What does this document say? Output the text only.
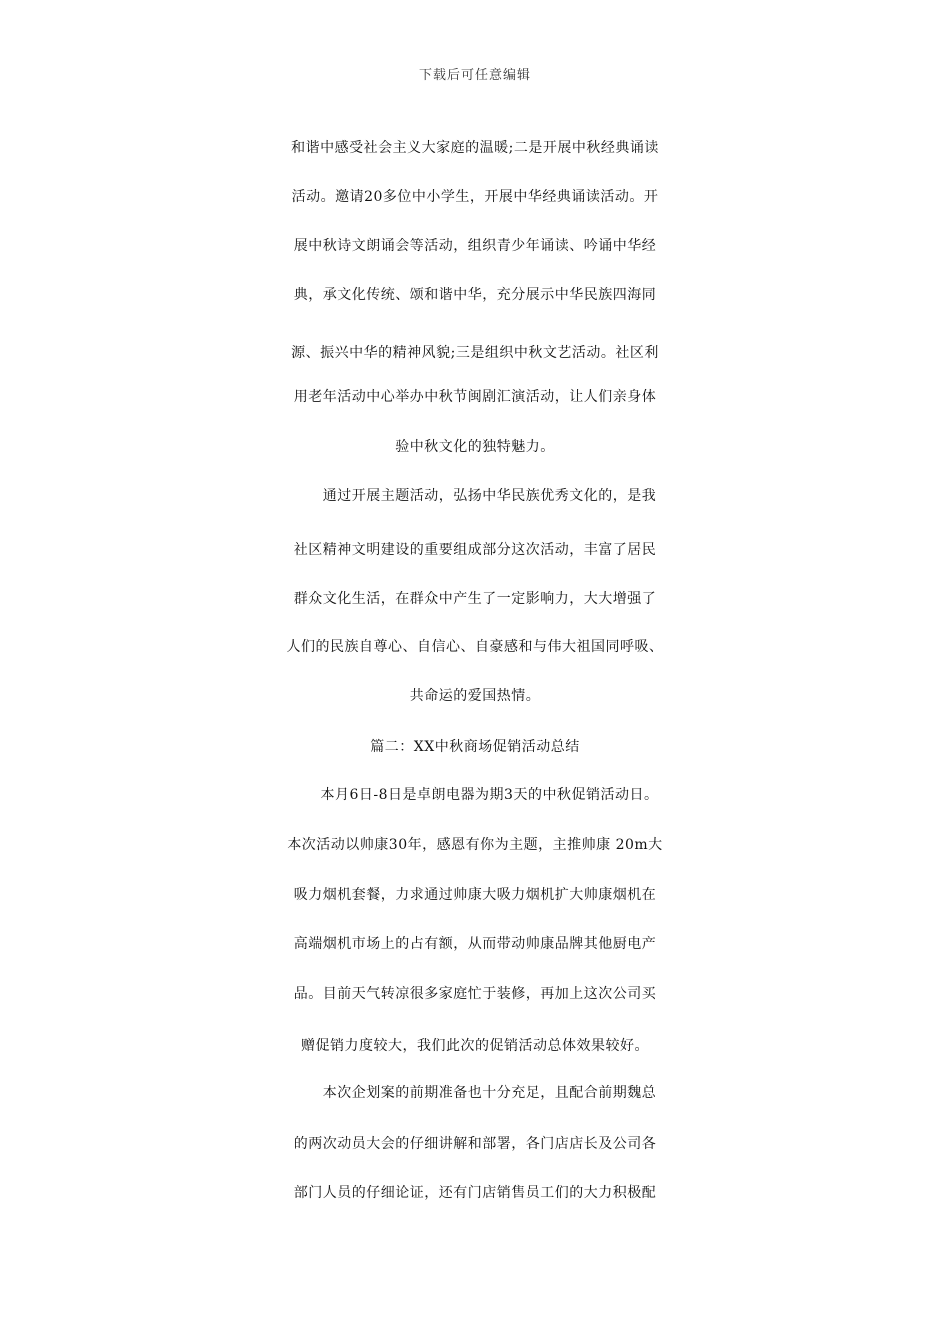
下载后可任意编辑
和谐中感受社会主义大家庭的温暖;二是开展中秋经典诵读
活动。邀请20多位中小学生，开展中华经典诵读活动。开
展中秋诗文朗诵会等活动，组织青少年诵读、吟诵中华经
典，承文化传统、颂和谐中华，充分展示中华民族四海同
源、振兴中华的精神风貌;三是组织中秋文艺活动。社区利
用老年活动中心举办中秋节闽剧汇演活动，让人们亲身体
验中秋文化的独特魅力。
　　通过开展主题活动，弘扬中华民族优秀文化的，是我
社区精神文明建设的重要组成部分这次活动，丰富了居民
群众文化生活，在群众中产生了一定影响力，大大增强了
人们的民族自尊心、自信心、自豪感和与伟大祖国同呼吸、
共命运的爱国热情。
篇二：XX中秋商场促销活动总结
　　本月6日-8日是卓朗电器为期3天的中秋促销活动日。
本次活动以帅康30年，感恩有你为主题，主推帅康 20m大
吸力烟机套餐，力求通过帅康大吸力烟机扩大帅康烟机在
高端烟机市场上的占有额，从而带动帅康品牌其他厨电产
品。目前天气转凉很多家庭忙于装修，再加上这次公司买
赠促销力度较大，我们此次的促销活动总体效果较好。
　　本次企划案的前期准备也十分充足，且配合前期魏总
的两次动员大会的仔细讲解和部署，各门店店长及公司各
部门人员的仔细论证，还有门店销售员工们的大力积极配
